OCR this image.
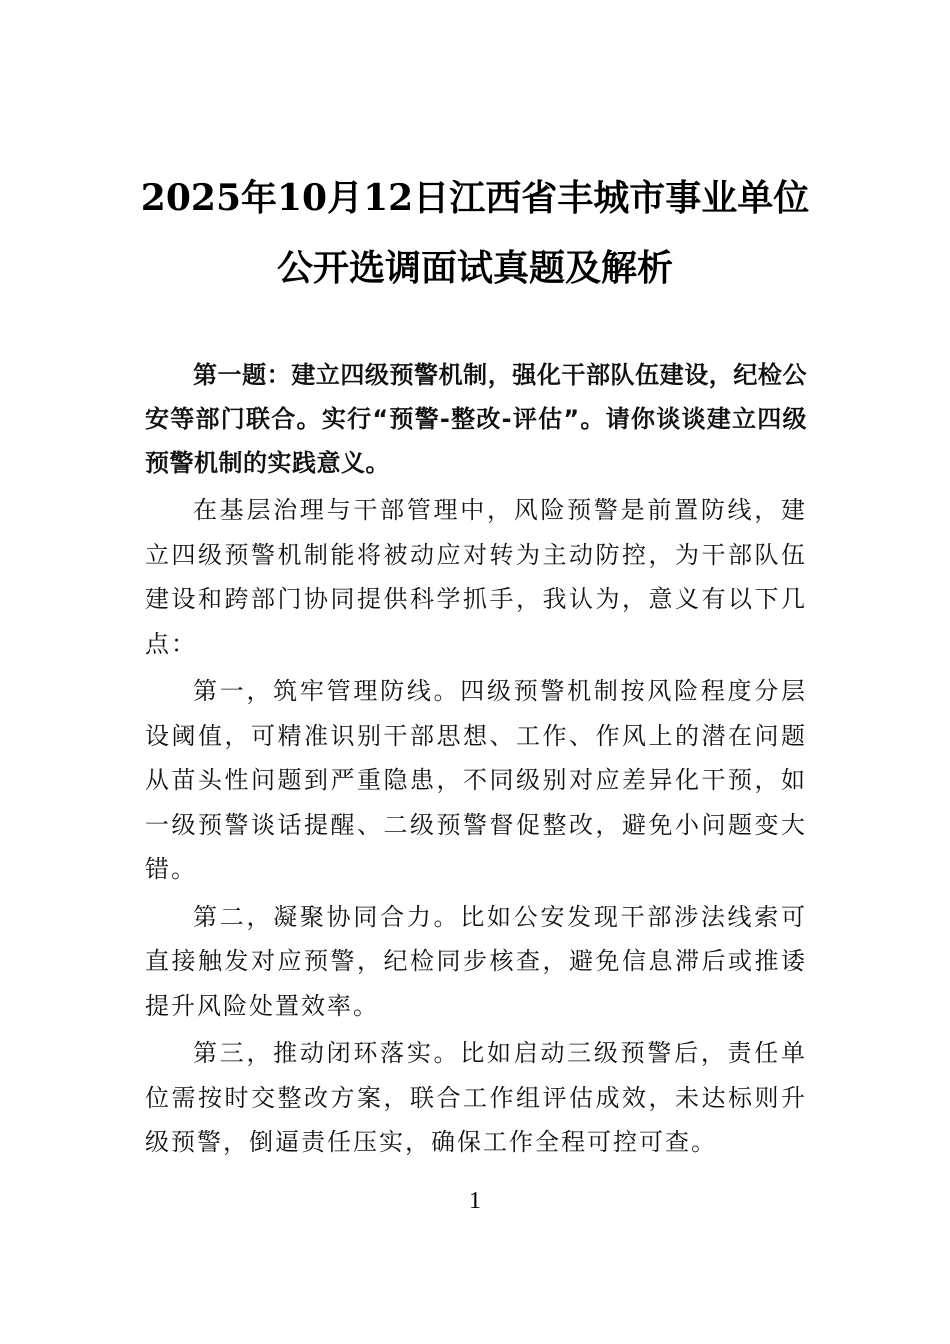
2025年10月12日江西省丰城市事业单位
公开选调面试真题及解析

第一题：建立四级预警机制，强化干部队伍建设，纪检公安等部门联合。实行“预警-整改-评估”。请你谈谈建立四级预警机制的实践意义。

在基层治理与干部管理中，风险预警是前置防线，建立四级预警机制能将被动应对转为主动防控，为干部队伍建设和跨部门协同提供科学抓手，我认为，意义有以下几点：

第一，筑牢管理防线。四级预警机制按风险程度分层设阈值，可精准识别干部思想、工作、作风上的潜在问题从苗头性问题到严重隐患，不同级别对应差异化干预，如一级预警谈话提醒、二级预警督促整改，避免小问题变大错。

第二，凝聚协同合力。比如公安发现干部涉法线索可直接触发对应预警，纪检同步核查，避免信息滞后或推诿提升风险处置效率。

第三，推动闭环落实。比如启动三级预警后，责任单位需按时交整改方案，联合工作组评估成效，未达标则升级预警，倒逼责任压实，确保工作全程可控可查。

1
